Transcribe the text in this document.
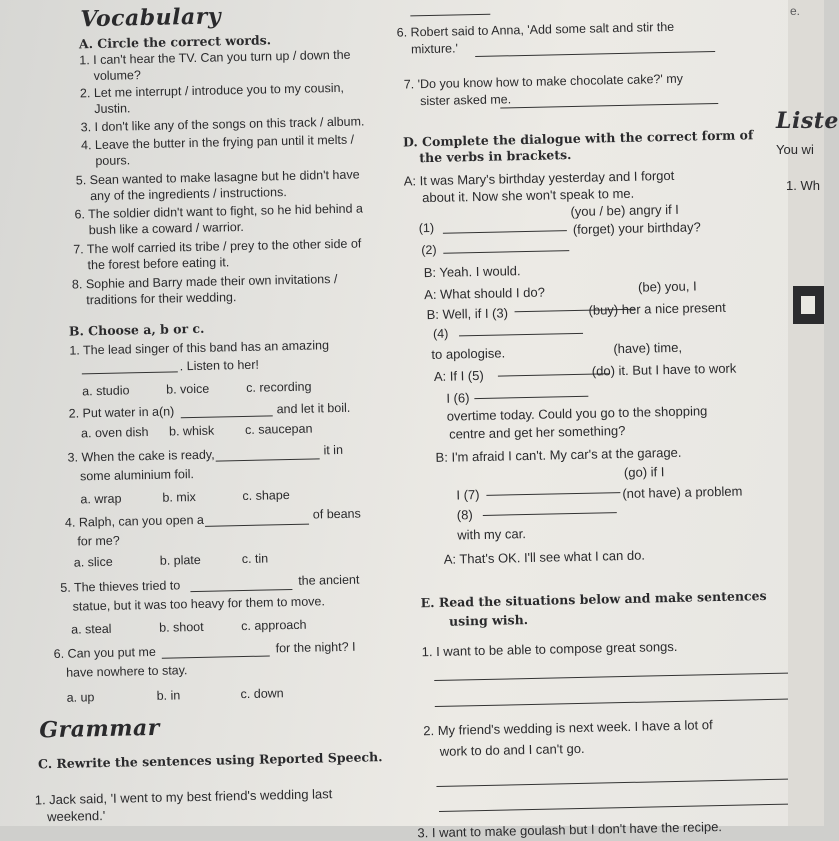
Vocabulary
A. Circle the correct words.
1. I can't hear the TV. Can you turn up / down the
volume?
2. Let me interrupt / introduce you to my cousin,
Justin.
3. I don't like any of the songs on this track / album.
4. Leave the butter in the frying pan until it melts /
pours.
5. Sean wanted to make lasagne but he didn't have
any of the ingredients / instructions.
6. The soldier didn't want to fight, so he hid behind a
bush like a coward / warrior.
7. The wolf carried its tribe / prey to the other side of
the forest before eating it.
8. Sophie and Barry made their own invitations /
traditions for their wedding.
B. Choose a, b or c.
1. The lead singer of this band has an amazing
. Listen to her!
a. studio	b. voice	c. recording
2. Put water in a(n)	and let it boil.
a. oven dish b. whisk c. saucepan
3. When the cake is ready,	it in
some aluminium foil.
a. wrap	b. mix	c. shape
4. Ralph, can you open a	of beans
for me?
a. slice	b. plate	c. tin
5. The thieves tried to	the ancient
statue, but it was too heavy for them to move.
a. steal	b. shoot	c. approach
6. Can you put me	for the night? I
have nowhere to stay.
a. up	b. in	c. down
Grammar
C. Rewrite the sentences using Reported Speech.
1. Jack said, 'I went to my best friend's wedding last
weekend.'
6. Robert said to Anna, 'Add some salt and stir the
mixture.'
7. 'Do you know how to make chocolate cake?' my
sister asked me.
D. Complete the dialogue with the correct form of
the verbs in brackets.
A: It was Mary's birthday yesterday and I forgot
about it. Now she won't speak to me.
(you / be) angry if I
(1)	(forget) your birthday?
(2)
B: Yeah. I would.
A: What should I do?	(be) you, I
B: Well, if I (3)	(buy) her a nice present
(4)
to apologise.	(have) time,
A: If I (5)	(do) it. But I have to work
I (6)
overtime today. Could you go to the shopping
centre and get her something?
B: I'm afraid I can't. My car's at the garage.
(go) if I
I (7)	(not have) a problem
(8)
with my car.
A: That's OK. I'll see what I can do.
E. Read the situations below and make sentences
using wish.
1. I want to be able to compose great songs.
2. My friend's wedding is next week. I have a lot of
work to do and I can't go.
3. I want to make goulash but I don't have the recipe.
e.
Liste
You wi
1. Wh
